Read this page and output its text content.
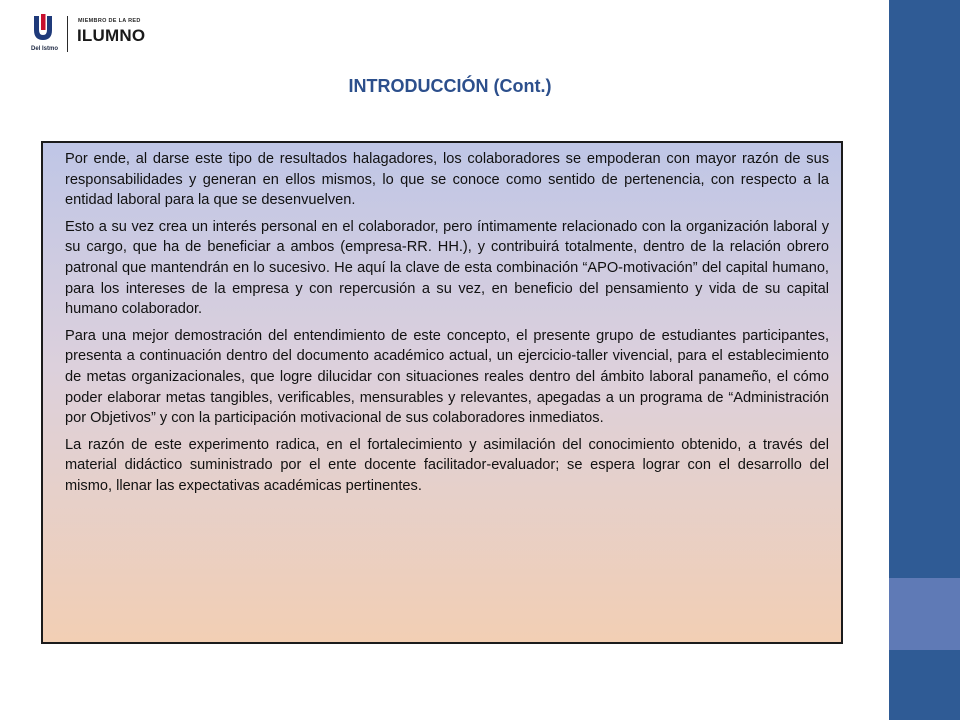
Del Istmo
MIEMBRO DE LA RED
ILUMNO
INTRODUCCIÓN (Cont.)

Por ende, al darse este tipo de resultados halagadores, los colaboradores se empoderan con mayor razón de sus responsabilidades y generan en ellos mismos, lo que se conoce como sentido de pertenencia, con respecto a la entidad laboral para la que se desenvuelven.

Esto a su vez crea un interés personal en el colaborador, pero íntimamente relacionado con la organización laboral y su cargo, que ha de beneficiar a ambos (empresa-RR. HH.), y contribuirá totalmente, dentro de la relación obrero patronal que mantendrán en lo sucesivo. He aquí la clave de esta combinación “APO-motivación” del capital humano, para los intereses de la empresa y con repercusión a su vez, en beneficio del pensamiento y vida de su capital humano colaborador.

Para una mejor demostración del entendimiento de este concepto, el presente grupo de estudiantes participantes, presenta a continuación dentro del documento académico actual, un ejercicio-taller vivencial, para el establecimiento de metas organizacionales, que logre dilucidar con situaciones reales dentro del ámbito laboral panameño, el cómo poder elaborar metas tangibles, verificables, mensurables y relevantes, apegadas a un programa de “Administración por Objetivos” y con la participación motivacional de sus colaboradores inmediatos.

La razón de este experimento radica, en el fortalecimiento y asimilación del conocimiento obtenido, a través del material didáctico suministrado por el ente docente facilitador-evaluador; se espera lograr con el desarrollo del mismo, llenar las expectativas académicas pertinentes.
